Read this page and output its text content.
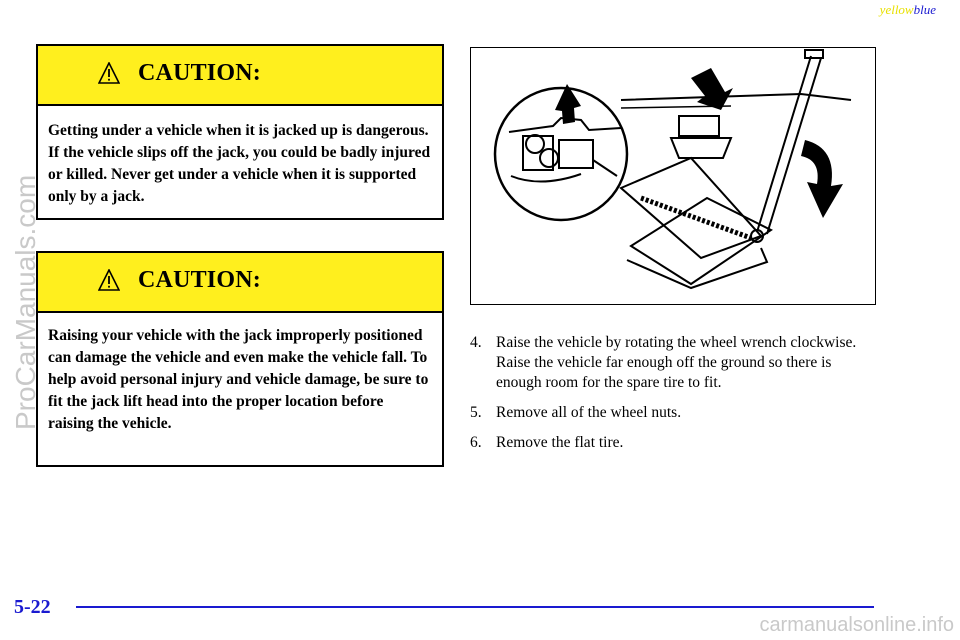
yellowblue
CAUTION:
Getting under a vehicle when it is jacked up is dangerous. If the vehicle slips off the jack, you could be badly injured or killed. Never get under a vehicle when it is supported only by a jack.
CAUTION:
Raising your vehicle with the jack improperly positioned can damage the vehicle and even make the vehicle fall. To help avoid personal injury and vehicle damage, be sure to fit the jack lift head into the proper location before raising the vehicle.
4. Raise the vehicle by rotating the wheel wrench clockwise. Raise the vehicle far enough off the ground so there is enough room for the spare tire to fit.
5. Remove all of the wheel nuts.
6. Remove the flat tire.
5-22
ProCarManuals.com
carmanualsonline.info
